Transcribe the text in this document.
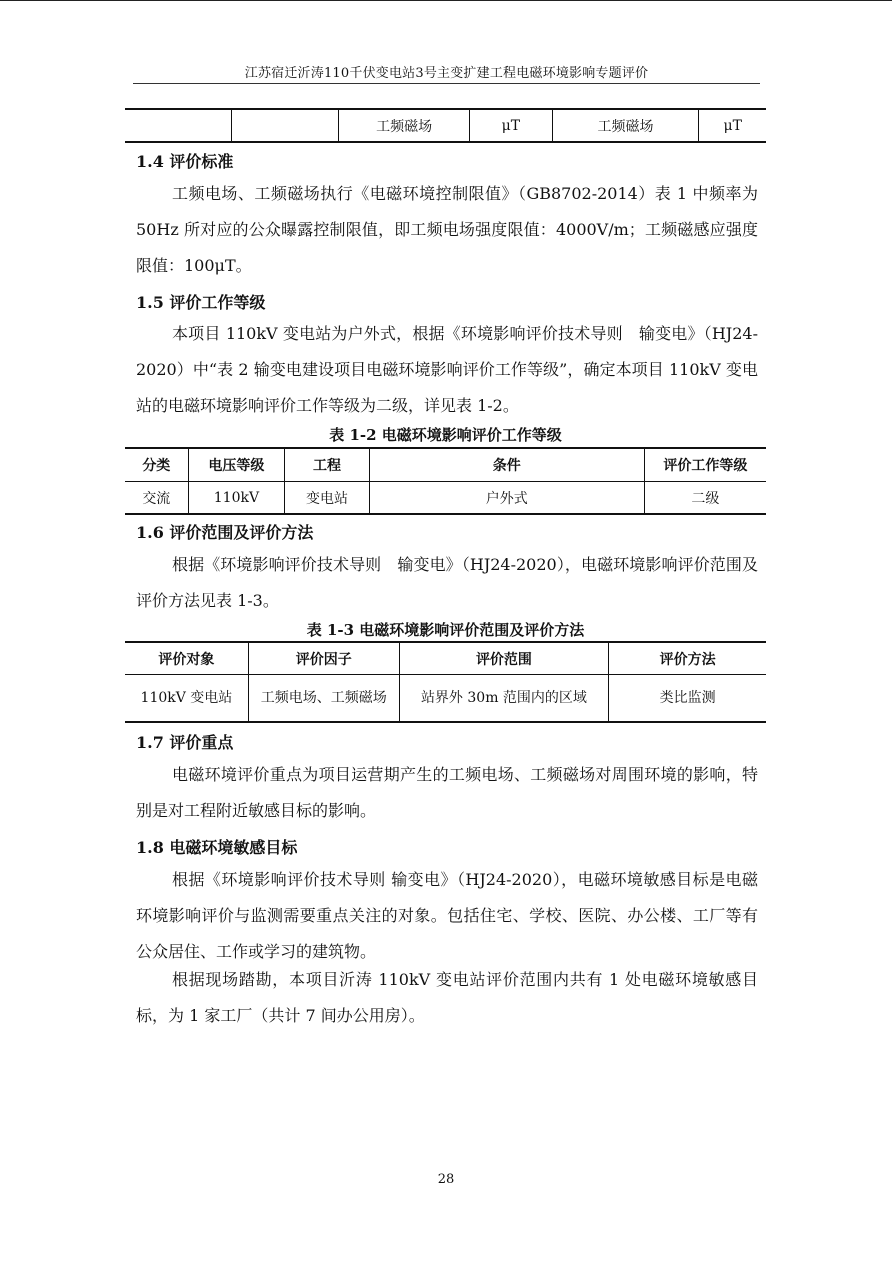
江苏宿迁沂涛110千伏变电站3号主变扩建工程电磁环境影响专题评价
		工频磁场	μT	工频磁场	μT
1.4 评价标准
工频电场、工频磁场执行《电磁环境控制限值》（GB8702-2014）表 1 中频率为 50Hz 所对应的公众曝露控制限值，即工频电场强度限值：4000V/m；工频磁感应强度限值：100μT。
1.5 评价工作等级
本项目 110kV 变电站为户外式，根据《环境影响评价技术导则　输变电》（HJ24-2020）中“表 2 输变电建设项目电磁环境影响评价工作等级”，确定本项目 110kV 变电站的电磁环境影响评价工作等级为二级，详见表 1-2。
表 1-2 电磁环境影响评价工作等级
分类	电压等级	工程	条件	评价工作等级
交流	110kV	变电站	户外式	二级
1.6 评价范围及评价方法
根据《环境影响评价技术导则　输变电》（HJ24-2020），电磁环境影响评价范围及评价方法见表 1-3。
表 1-3 电磁环境影响评价范围及评价方法
评价对象	评价因子	评价范围	评价方法
110kV 变电站	工频电场、工频磁场	站界外 30m 范围内的区域	类比监测
1.7 评价重点
电磁环境评价重点为项目运营期产生的工频电场、工频磁场对周围环境的影响，特别是对工程附近敏感目标的影响。
1.8 电磁环境敏感目标
根据《环境影响评价技术导则 输变电》（HJ24-2020），电磁环境敏感目标是电磁环境影响评价与监测需要重点关注的对象。包括住宅、学校、医院、办公楼、工厂等有公众居住、工作或学习的建筑物。
根据现场踏勘，本项目沂涛 110kV 变电站评价范围内共有 1 处电磁环境敏感目标，为 1 家工厂（共计 7 间办公用房）。
28
